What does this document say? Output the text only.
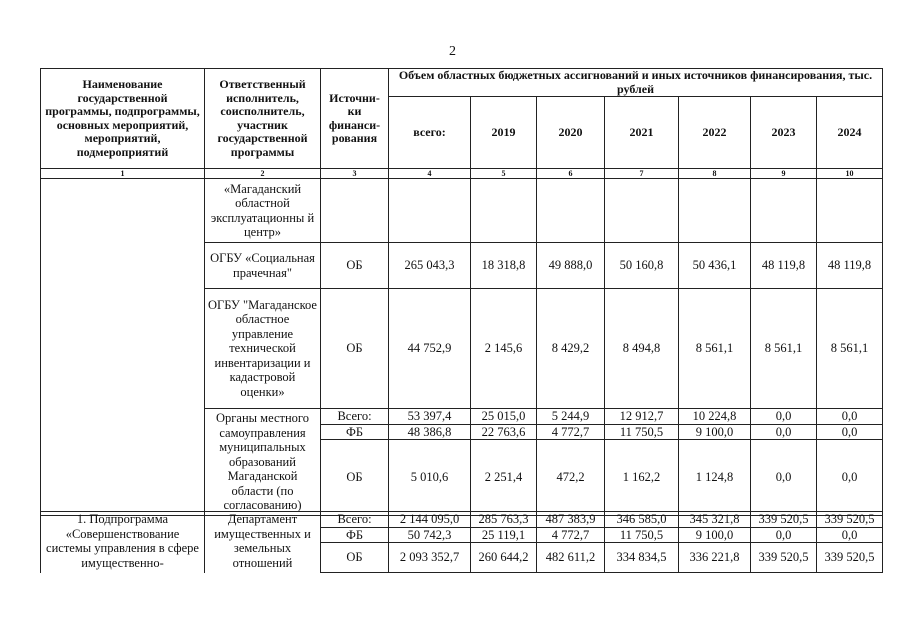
2
Наименование государственной программы, подпрограммы, основных мероприятий, мероприятий, подмероприятий	Ответственный исполнитель, соисполнитель, участник государственной программы	Источни-ки финанси-рования	Объем областных бюджетных ассигнований и иных источников финансирования, тыс. рублей						
			всего:	2019	2020	2021	2022	2023	2024
1	2	3	4	5	6	7	8	9	10
	«Магаданский областной эксплуатационны й центр»								
	ОГБУ «Социальная прачечная"	ОБ	265 043,3	18 318,8	49 888,0	50 160,8	50 436,1	48 119,8	48 119,8
	ОГБУ "Магаданское областное управление технической инвентаризации и кадастровой оценки»	ОБ	44 752,9	2 145,6	8 429,2	8 494,8	8 561,1	8 561,1	8 561,1
	Органы местного самоуправления муниципальных образований Магаданской области (по согласованию)	Всего:	53 397,4	25 015,0	5 244,9	12 912,7	10 224,8	0,0	0,0
		ФБ	48 386,8	22 763,6	4 772,7	11 750,5	9 100,0	0,0	0,0
		ОБ	5 010,6	2 251,4	472,2	1 162,2	1 124,8	0,0	0,0
1. Подпрограмма «Совершенствование системы управления в сфере имущественно-	Департамент имущественных и земельных отношений	Всего:	2 144 095,0	285 763,3	487 383,9	346 585,0	345 321,8	339 520,5	339 520,5
		ФБ	50 742,3	25 119,1	4 772,7	11 750,5	9 100,0	0,0	0,0
		ОБ	2 093 352,7	260 644,2	482 611,2	334 834,5	336 221,8	339 520,5	339 520,5
